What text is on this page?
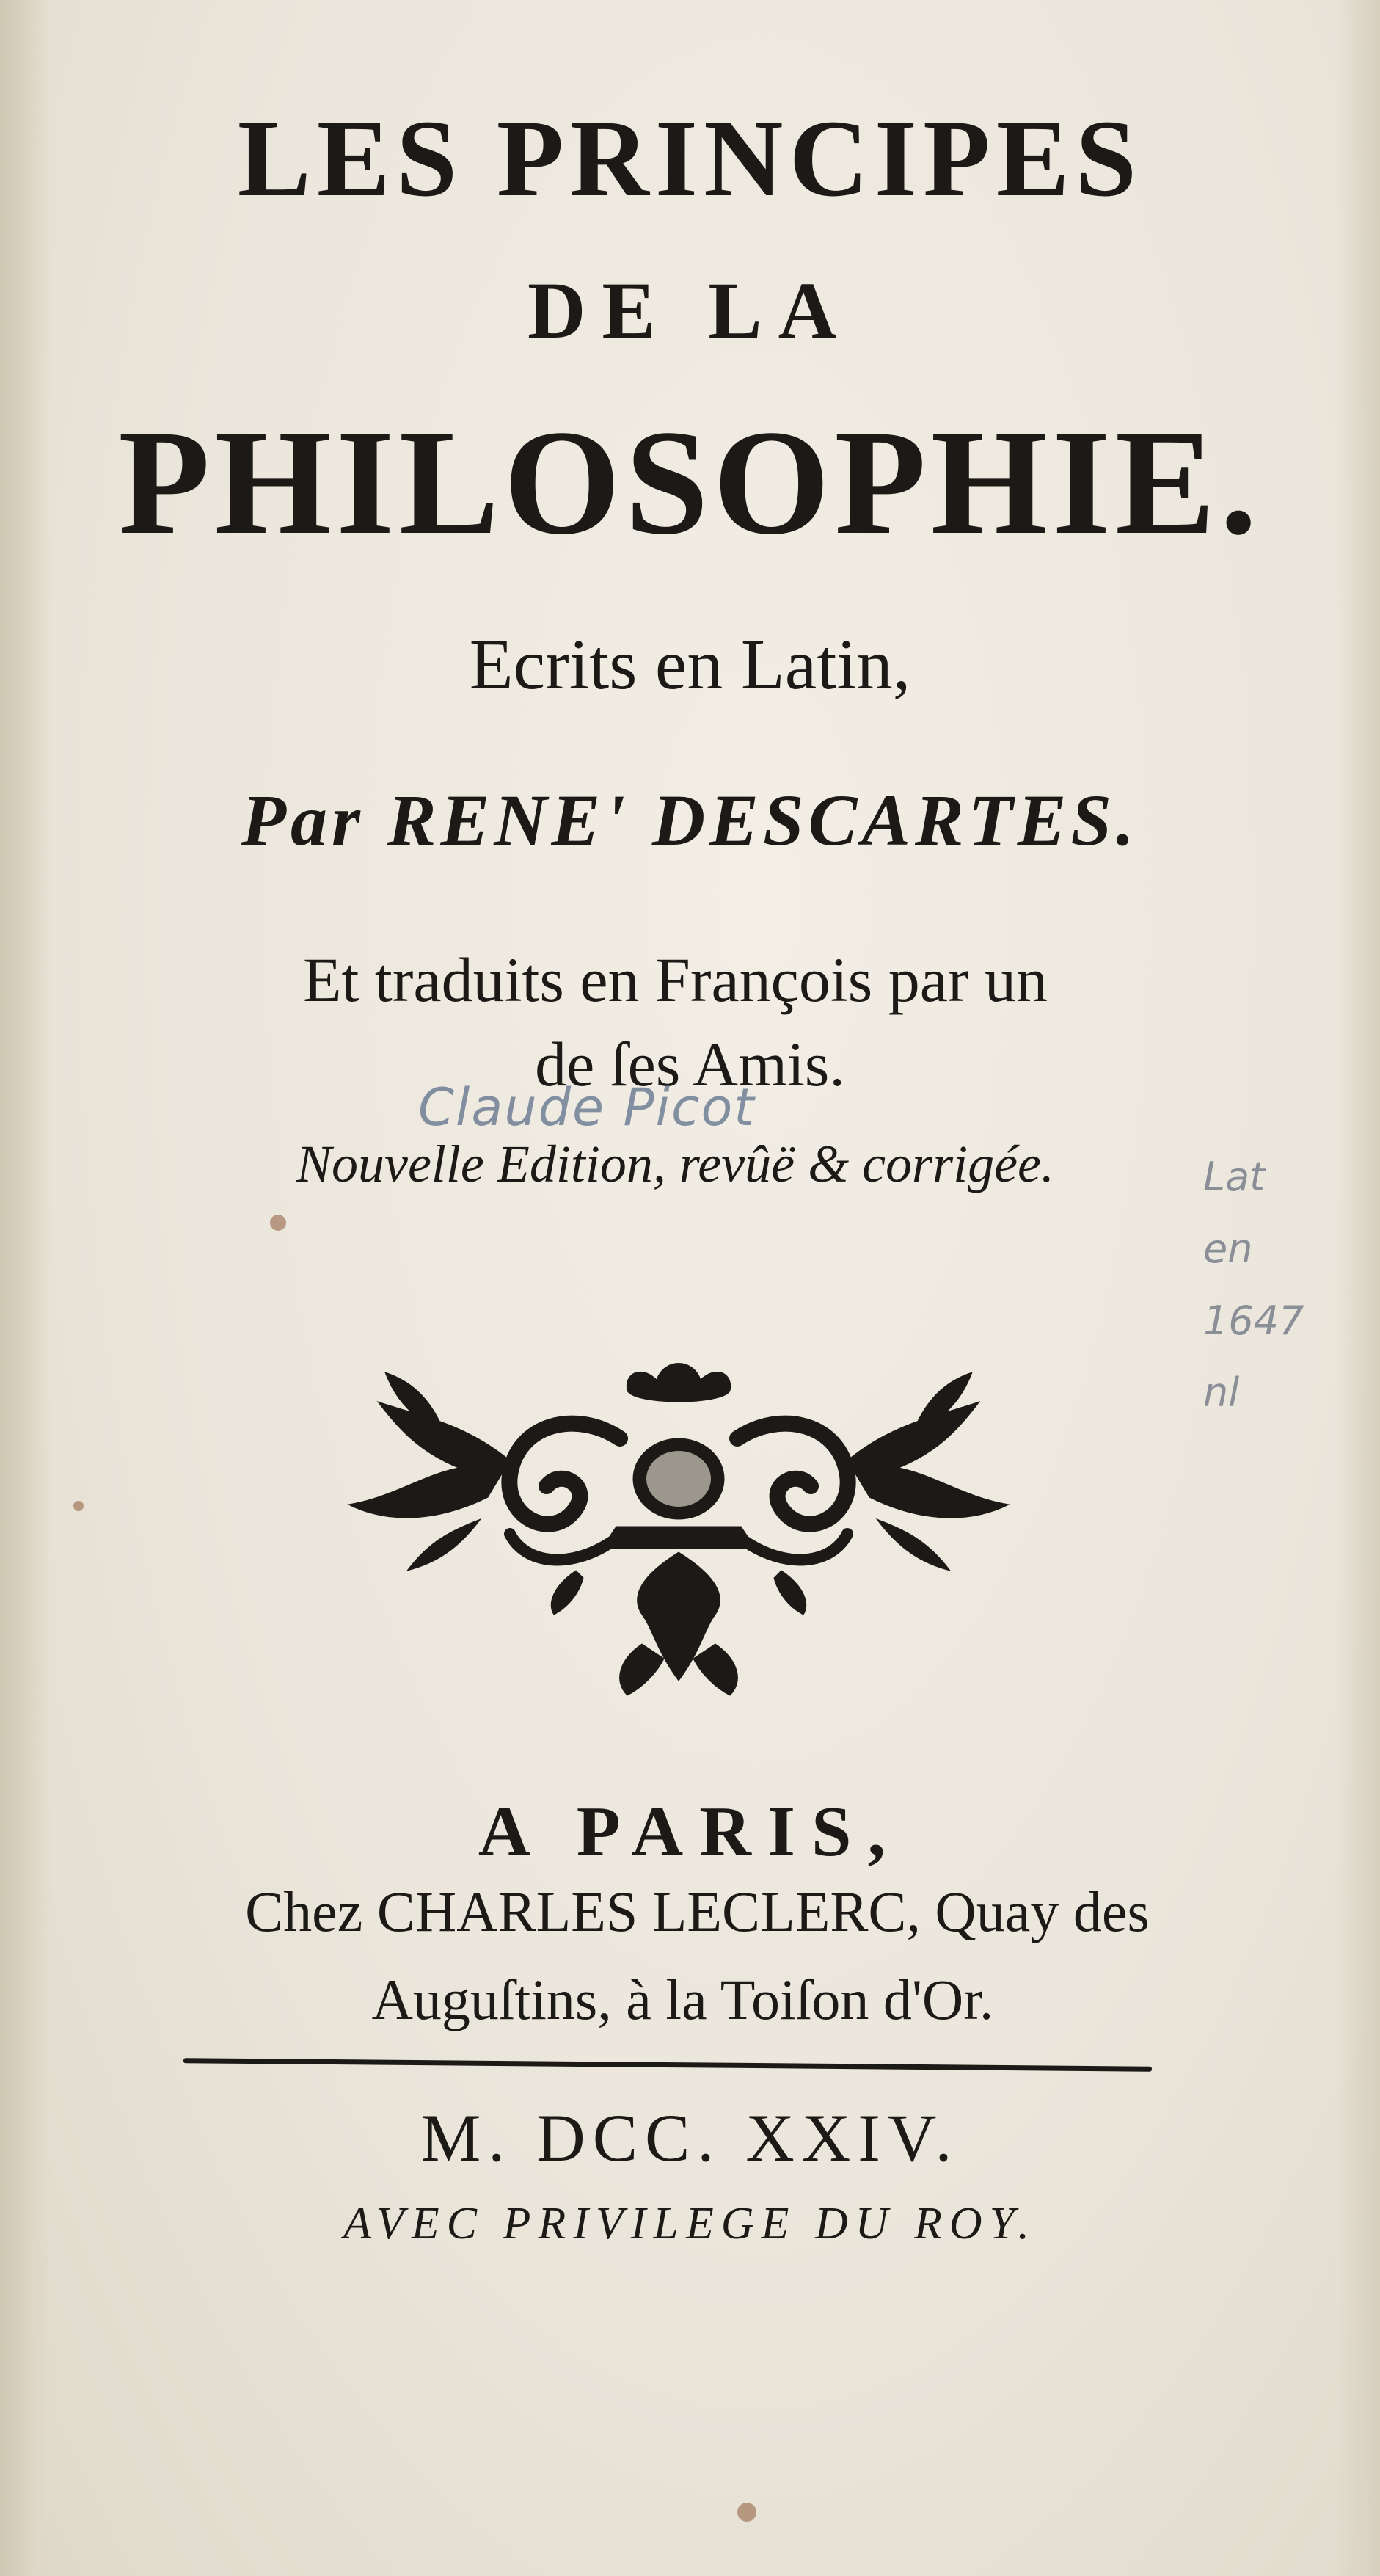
LES PRINCIPES

DE LA

PHILOSOPHIE.

Ecrits en Latin,

Par RENE' DESCARTES.

Et traduits en François par un

de ſes Amis.

Claude Picot

Nouvelle Edition, revûë & corrigée.	Lat
en
1647
nl

A PARIS,

Chez CHARLES LECLERC, Quay des

Auguſtins, à la Toiſon d'Or.

M. DCC. XXIV.

AVEC PRIVILEGE DU ROY.
